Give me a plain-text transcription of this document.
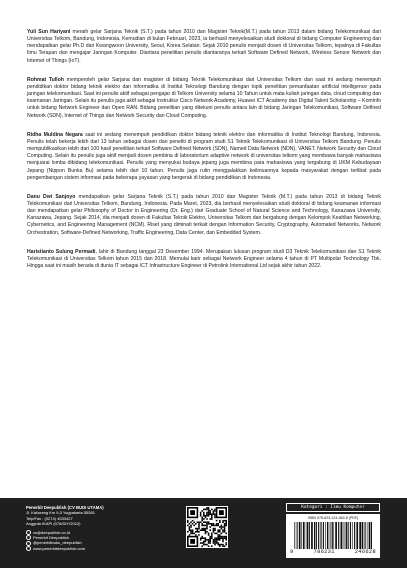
Yuli Sun Hariyani meraih gelar Sarjana Teknik (S.T.) pada tahun 2010 dan Magister Teknik(M.T.) pada tahun 2013 dalam bidang Telekomunikasi dari Universitas Telkom, Bandung, Indonesia. Kemudian di bulan Februari, 2023, ia berhasil menyelesaikan studi doktoral di bidang Computer Engineering dan mendapatkan gelar Ph.D dari Kwangwoon University, Seoul, Korea Selatan. Sejak 2010 penulis menjadi dosen di Universitas Telkom, tepatnya di Fakultas Ilmu Terapan dan mengajar Jaringan Komputer. Diantara penelitian penulis diantaranya terkait Software Defined Network, Wireless Sensor Network dan Internet of Things (IoT).

Rohmat Tulloh memperoleh gelar Sarjana dan magister di bidang Teknik Telekomunikasi dari Universitas Telkom dan saat ini sedang menempuh pendidikan doktor bidang teknik elektro dan informatika di Institut Teknologi Bandung dengan topik penelitian pemanfaatan artificial intelligence pada jaringan telekomunikasi. Saat ini penulis aktif sebagai pengajar di Telkom University selama 10 Tahun untuk mata kuliah jaringan data, cloud computing dan keamanan Jaringan. Selain itu penulis juga aktif sebagai Instruktur Cisco Network Academy, Huawei ICT Academy dan Digital Talent Scholarship – Kominfo untuk bidang Network Engineer dan Open RAN. Bidang penelitian yang ditekuni penulis antara lain di bidang Jaringan Telekomunikasi, Software Defined Network (SDN), Internet of Things dan Network Security dan Cloud Computing.

Ridha Muldina Negara saat ini sedang menempuh pendidikan doktor bidang teknik elektro dan informatika di Institut Teknologi Bandung, Indonesia. Penulis telah bekerja lebih dari 13 tahun sebagai dosen dan peneliti di program studi S1 Teknik Telekomunikasi di Universitas Telkom Bandung. Penulis mempublikasikan lebih dari 100 hasil penelitian terkait Software Defined Network (SDN), Named Data Network (NDN), VANET, Network Security dan Cloud Computing. Selain itu penulis juga aktif menjadi dosen pembina di laboratorium adaptive network di universitas telkom yang membawa banyak mahasiswa menjuarai lomba dibidang telekomunikasi. Penulis yang menyukai budaya jepang juga membina para mahasiswa yang tergabung di UKM Kebudayaan Jepang (Nippon Bunka Bu) selama lebih dari 10 tahun. Penulis juga rutin menggalakkan keilmuannya kepada masyarakat dengan terlibat pada pengembangan sistem informasi pada beberapa yayasan yang bergerak di bidang pendidikan di Indonesia.

Danu Dwi Sanjoyo mendapatkan gelar Sarjana Teknik (S.T.) pada tahun 2010 dan Magister Teknik (M.T.) pada tahun 2013 di bidang Teknik Telekomunikasi dari Universitas Telkom, Bandung, Indonesia. Pada Maret, 2023, dia berhasil menyelesaikan studi doktoral di bidang keamanan informasi dan mendapatkan gelar Philosophy of Doctor in Engineering (Dr. Eng.) dari Graduate School of Natural Science and Technology, Kanazawa University, Kanazawa, Jepang. Sejak 2014, dia menjadi dosen di Fakultas Teknik Elektro, Universitas Telkom dan bergabung dengan Kelompok Keahlian Networking, Cybernetics, and Engineering Management (NCM). Riset yang diminati terkait dengan Information Security, Cryptography, Automated Networks, Network Orchestration, Software-Defined Networking, Traffic Engineering, Data Center, dan Embedded System.

Haristianto Sulung Permadi, lahir di Bandung tanggal 23 Desember 1994. Merupakan lulusan program studi D3 Teknik Telekomunikasi dan S1 Teknik Telekomunikasi di Universitas Telkom tahun 2015 dan 2018. Memulai karir sebagai Network Engineer selama 4 tahun di PT Multipolar Technology Tbk. Hingga saat ini masih berada di dunia IT sebagai ICT Infrastructure Engineer di Petrolink International Ltd sejak akhir tahun 2022.

Penerbit Deepublish (CV BUDI UTAMA)
Jl. Kaliurang Km 9,3 Yogyakarta 55581
Telp/Fax : (0274) 4533427
Anggota IKAPI (076/DIY/2012)
cs@deepublish.co.id
Penerbit Deepublish
@penerbitbuku_deepublish
www.penerbitdeepublish.com
Kategori : Ilmu Komputer
ISBN 978-623-124-662-8 (PDF)
9	786231	246628
